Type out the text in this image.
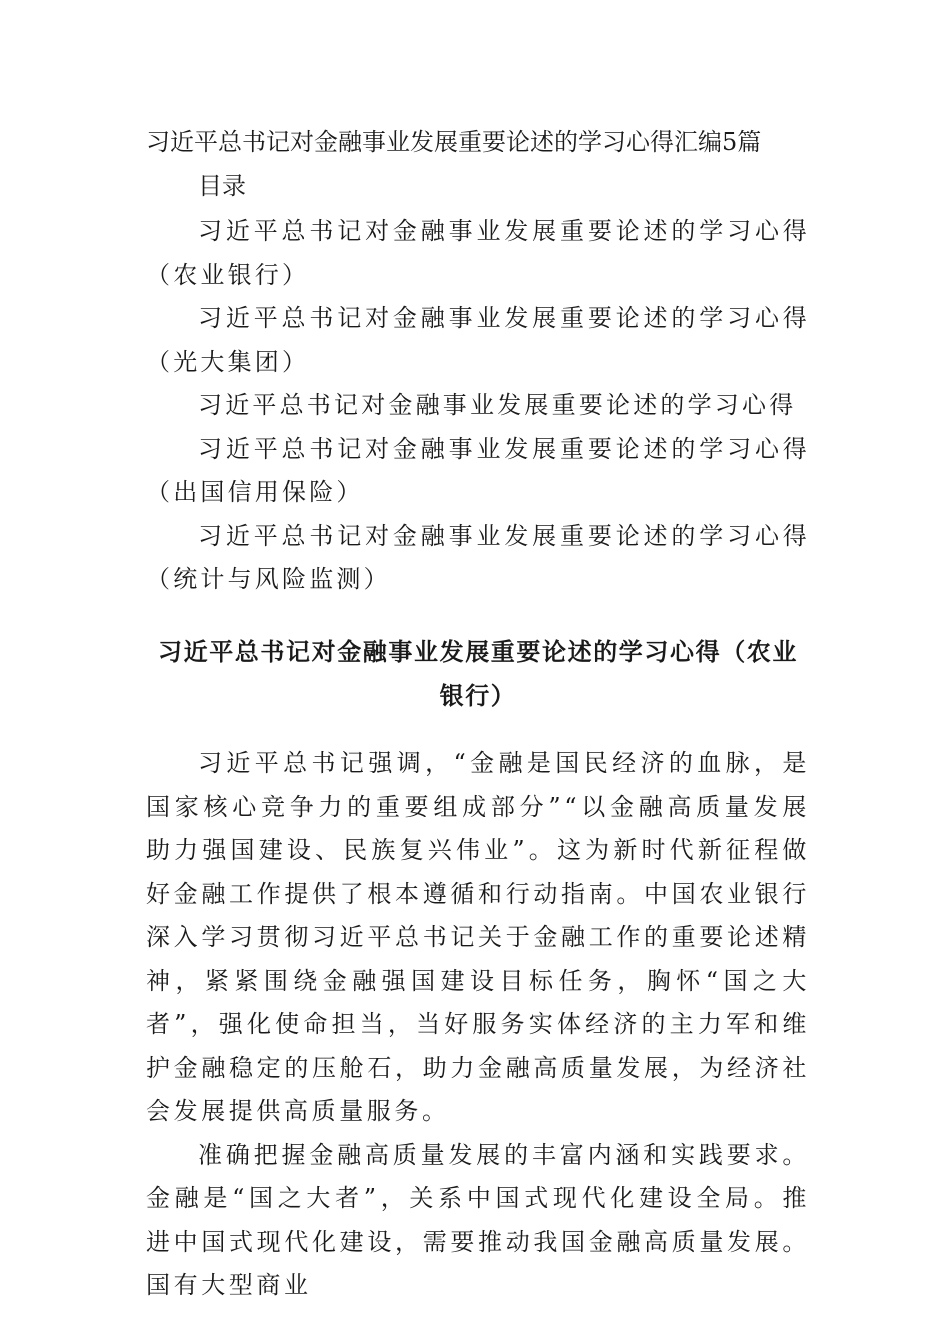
习近平总书记对金融事业发展重要论述的学习心得汇编5篇
目录
习近平总书记对金融事业发展重要论述的学习心得（农业银行）
习近平总书记对金融事业发展重要论述的学习心得（光大集团）
习近平总书记对金融事业发展重要论述的学习心得
习近平总书记对金融事业发展重要论述的学习心得（出国信用保险）
习近平总书记对金融事业发展重要论述的学习心得（统计与风险监测）
习近平总书记对金融事业发展重要论述的学习心得（农业银行）

习近平总书记强调，“金融是国民经济的血脉，是国家核心竞争力的重要组成部分”“以金融高质量发展助力强国建设、民族复兴伟业”。这为新时代新征程做好金融工作提供了根本遵循和行动指南。中国农业银行深入学习贯彻习近平总书记关于金融工作的重要论述精神，紧紧围绕金融强国建设目标任务，胸怀“国之大者”，强化使命担当，当好服务实体经济的主力军和维护金融稳定的压舱石，助力金融高质量发展，为经济社会发展提供高质量服务。

准确把握金融高质量发展的丰富内涵和实践要求。金融是“国之大者”，关系中国式现代化建设全局。推进中国式现代化建设，需要推动我国金融高质量发展。国有大型商业
